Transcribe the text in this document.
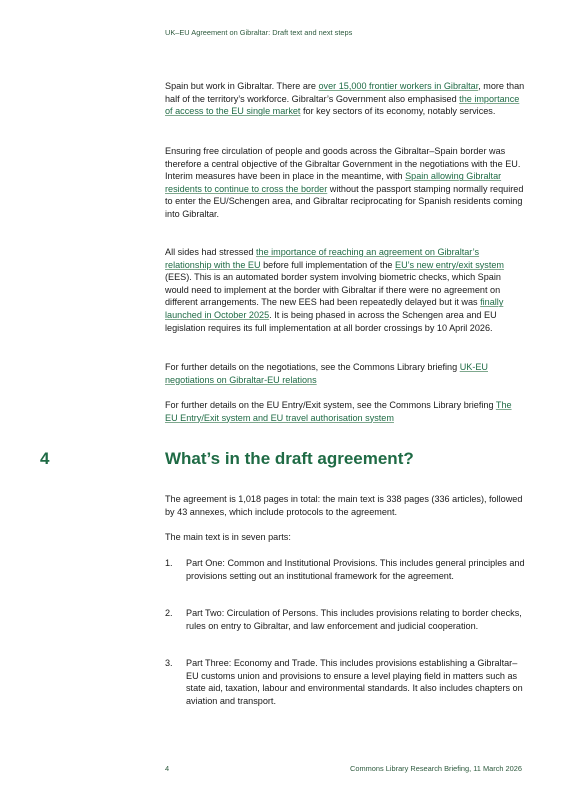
UK–EU Agreement on Gibraltar: Draft text and next steps

Spain but work in Gibraltar. There are over 15,000 frontier workers in Gibraltar, more than half of the territory’s workforce. Gibraltar’s Government also emphasised the importance of access to the EU single market for key sectors of its economy, notably services.

Ensuring free circulation of people and goods across the Gibraltar–Spain border was therefore a central objective of the Gibraltar Government in the negotiations with the EU. Interim measures have been in place in the meantime, with Spain allowing Gibraltar residents to continue to cross the border without the passport stamping normally required to enter the EU/Schengen area, and Gibraltar reciprocating for Spanish residents coming into Gibraltar.

All sides had stressed the importance of reaching an agreement on Gibraltar’s relationship with the EU before full implementation of the EU’s new entry/exit system (EES). This is an automated border system involving biometric checks, which Spain would need to implement at the border with Gibraltar if there were no agreement on different arrangements. The new EES had been repeatedly delayed but it was finally launched in October 2025. It is being phased in across the Schengen area and EU legislation requires its full implementation at all border crossings by 10 April 2026.

For further details on the negotiations, see the Commons Library briefing UK-EU negotiations on Gibraltar-EU relations

For further details on the EU Entry/Exit system, see the Commons Library briefing The EU Entry/Exit system and EU travel authorisation system

4	What’s in the draft agreement?

The agreement is 1,018 pages in total: the main text is 338 pages (336 articles), followed by 43 annexes, which include protocols to the agreement.

The main text is in seven parts:

1. Part One: Common and Institutional Provisions. This includes general principles and provisions setting out an institutional framework for the agreement.
2. Part Two: Circulation of Persons. This includes provisions relating to border checks, rules on entry to Gibraltar, and law enforcement and judicial cooperation.
3. Part Three: Economy and Trade. This includes provisions establishing a Gibraltar–EU customs union and provisions to ensure a level playing field in matters such as state aid, taxation, labour and environmental standards. It also includes chapters on aviation and transport.
4	Commons Library Research Briefing, 11 March 2026
